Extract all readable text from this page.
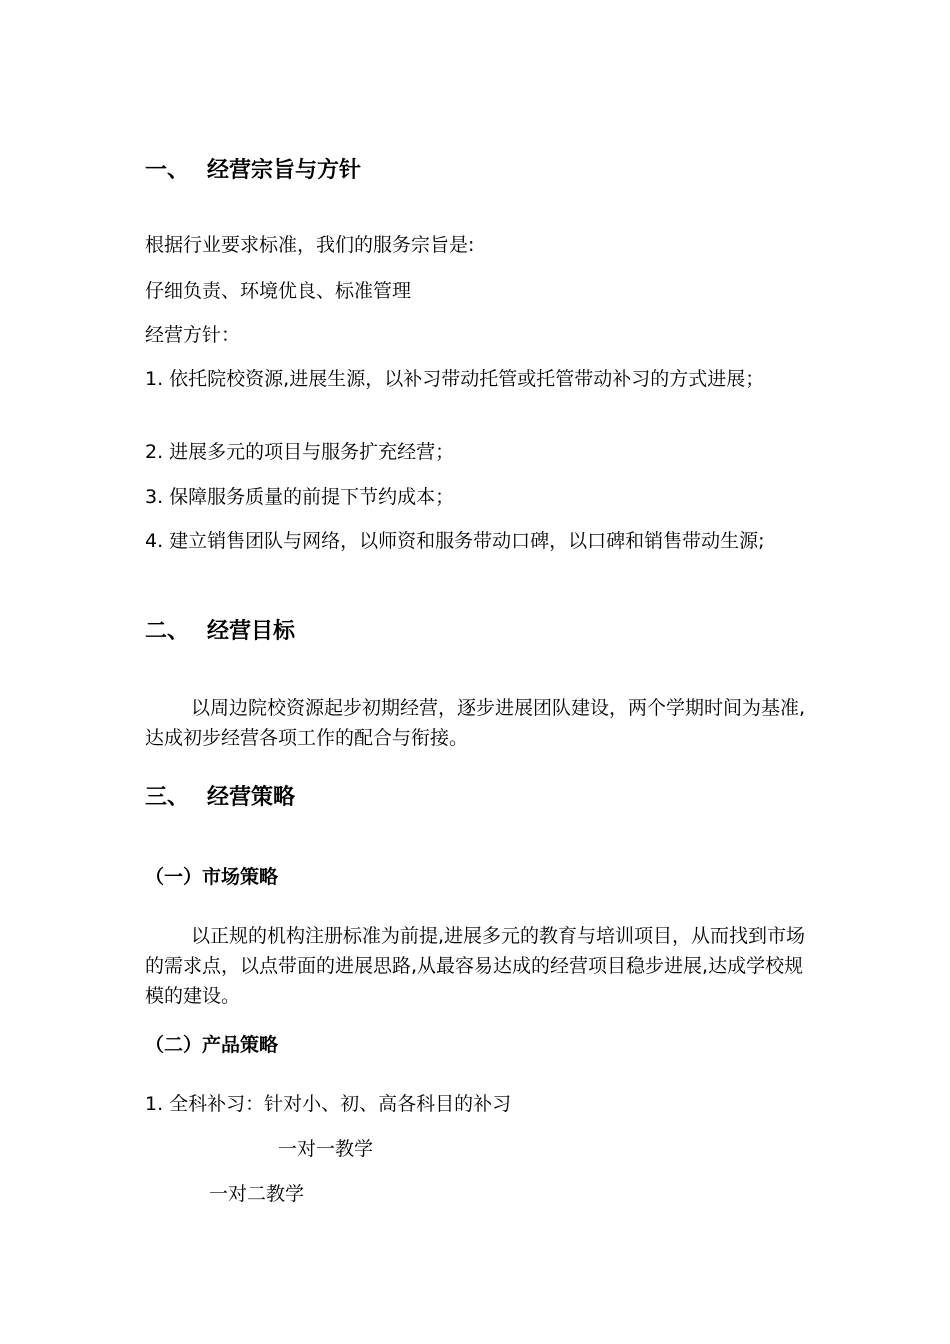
一、 经营宗旨与方针
根据行业要求标准，我们的服务宗旨是:
仔细负责、环境优良、标准管理
经营方针：
1. 依托院校资源,进展生源，以补习带动托管或托管带动补习的方式进展；
2. 进展多元的项目与服务扩充经营；
3. 保障服务质量的前提下节约成本；
4. 建立销售团队与网络，以师资和服务带动口碑，以口碑和销售带动生源;
二、 经营目标
以周边院校资源起步初期经营，逐步进展团队建设，两个学期时间为基准,达成初步经营各项工作的配合与衔接。
三、 经营策略
（一）市场策略
以正规的机构注册标准为前提,进展多元的教育与培训项目，从而找到市场的需求点，以点带面的进展思路,从最容易达成的经营项目稳步进展,达成学校规模的建设。
（二）产品策略
1. 全科补习：针对小、初、高各科目的补习
一对一教学
一对二教学
